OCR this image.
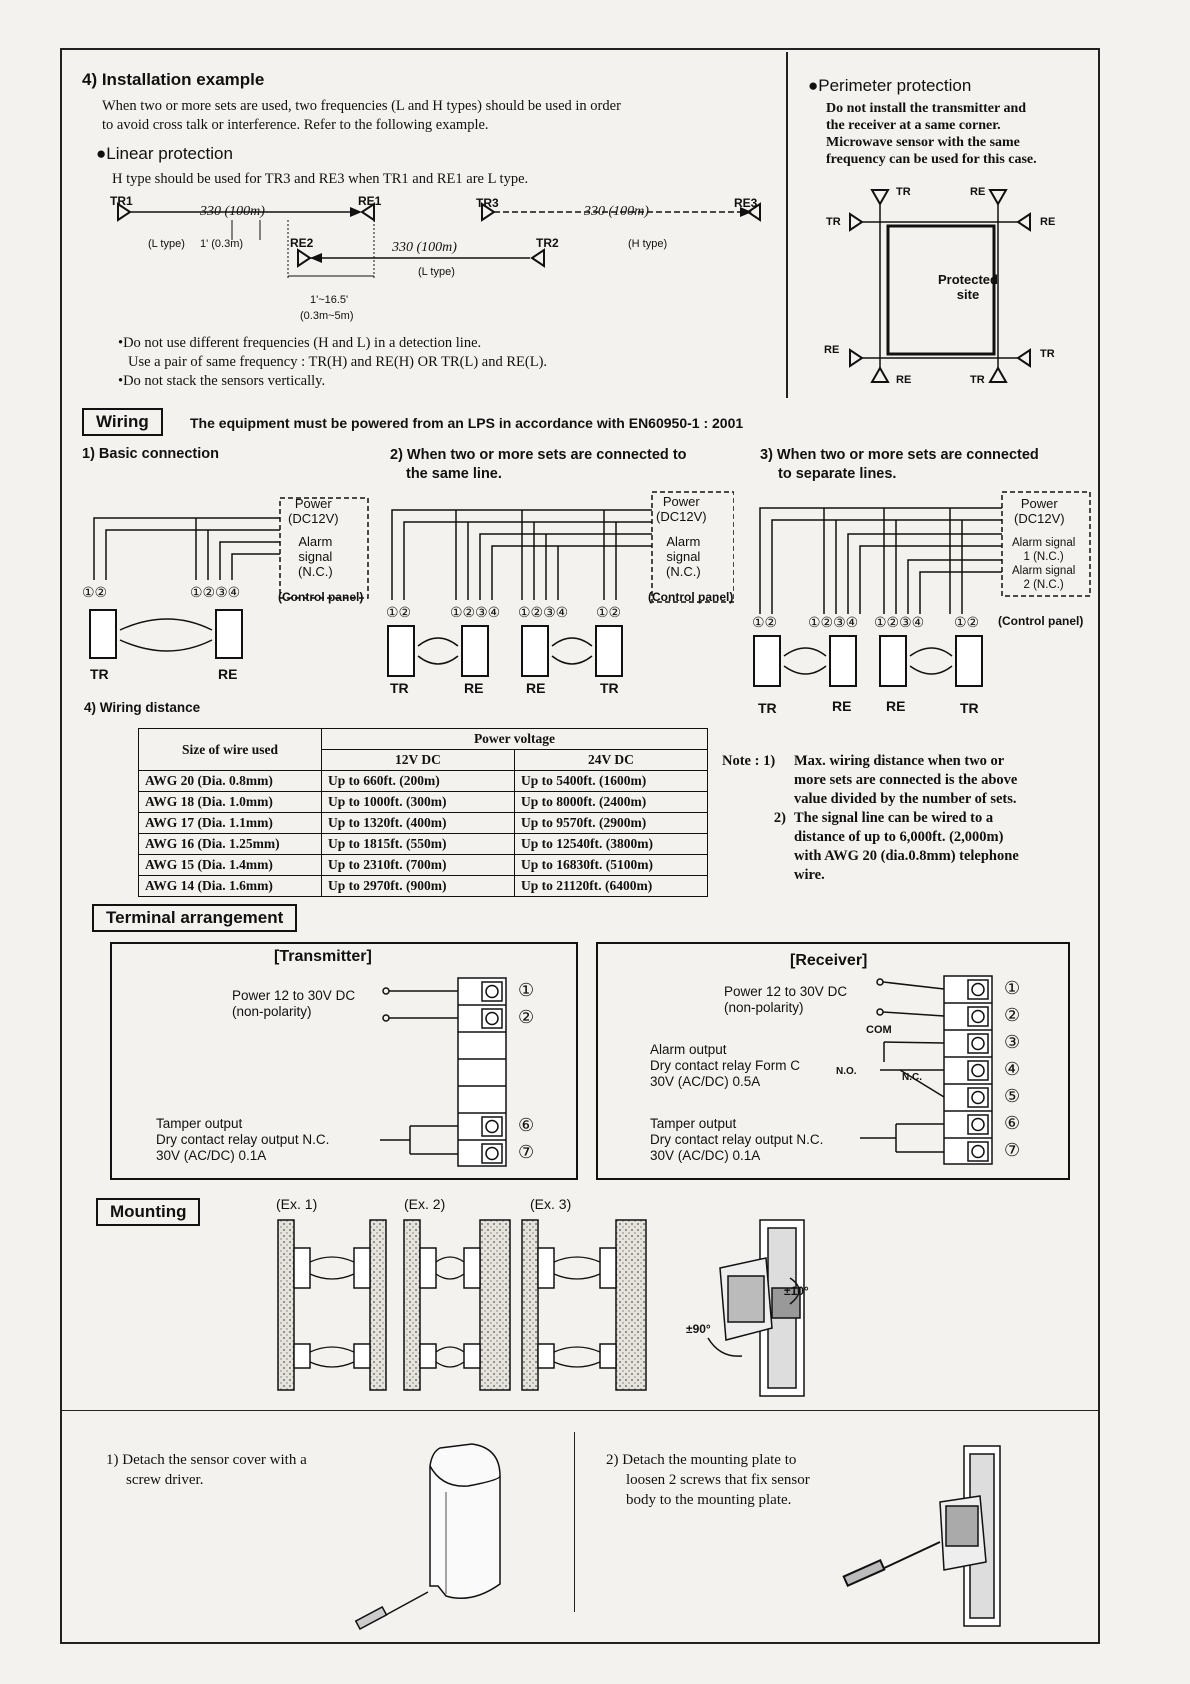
4) Installation example
When two or more sets are used, two frequencies (L and H types) should be used in order
to avoid cross talk or interference. Refer to the following example.
●Linear protection
H type should be used for TR3 and RE3 when TR1 and RE1 are L type.
TR1	RE1	TR3	RE3
RE2	TR2
330 (100m)	330 (100m)
330 (100m)
(L type) 1' (0.3m)
(L type)
(H type)
1'~16.5'
(0.3m~5m)
•Do not use different frequencies (H and L) in a detection line.
Use a pair of same frequency : TR(H) and RE(H) OR TR(L) and RE(L).
•Do not stack the sensors vertically.
●Perimeter protection
Do not install the transmitter and
the receiver at a same corner.
Microwave sensor with the same
frequency can be used for this case.
TR	RE
TR	RE
Protected
site
RE	TR
RE	TR
Wiring	The equipment must be powered from an LPS in accordance with EN60950-1 : 2001
1) Basic connection	2) When two or more sets are connected to
the same line.
3) When two or more sets are connected
to separate lines.
Power
(DC12V)
Alarm
signal
(N.C.)
(Control panel)
①②	①②③④
TR	RE
Power
(DC12V)
Alarm
signal
(N.C.)
(Control panel)
①②	①②③④ ①②③④ ①②
TR	RE	RE	TR
Power
(DC12V)
Alarm signal
1 (N.C.)
Alarm signal
2 (N.C.)
(Control panel)
①② ①②③④ ①②③④ ①②
TR	RE RE	TR
4) Wiring distance
Size of wire used	Power voltage	
	12V DC	24V DC
AWG 20 (Dia. 0.8mm)	Up to 660ft. (200m)	Up to 5400ft. (1600m)
AWG 18 (Dia. 1.0mm)	Up to 1000ft. (300m)	Up to 8000ft. (2400m)
AWG 17 (Dia. 1.1mm)	Up to 1320ft. (400m)	Up to 9570ft. (2900m)
AWG 16 (Dia. 1.25mm)	Up to 1815ft. (550m)	Up to 12540ft. (3800m)
AWG 15 (Dia. 1.4mm)	Up to 2310ft. (700m)	Up to 16830ft. (5100m)
AWG 14 (Dia. 1.6mm)	Up to 2970ft. (900m)	Up to 21120ft. (6400m)
Note : 1)	Max. wiring distance when two or
more sets are connected is the above
value divided by the number of sets.
2) The signal line can be wired to a
distance of up to 6,000ft. (2,000m)
with AWG 20 (dia.0.8mm) telephone
wire.
Terminal arrangement
[Transmitter]	[Receiver]
①
②
⑥
⑦
Power 12 to 30V DC
(non-polarity)
Tamper output
Dry contact relay output N.C.
30V (AC/DC) 0.1A
①
②
③
④
⑤
⑥
⑦
Power 12 to 30V DC
(non-polarity)
COM
N.O.
N.C.
Alarm output
Dry contact relay Form C
30V (AC/DC) 0.5A
Tamper output
Dry contact relay output N.C.
30V (AC/DC) 0.1A
Mounting	(Ex. 1)	(Ex. 2)	(Ex. 3)
±10°
±90°
1) Detach the sensor cover with a
screw driver.
2) Detach the mounting plate to
loosen 2 screws that fix sensor
body to the mounting plate.
